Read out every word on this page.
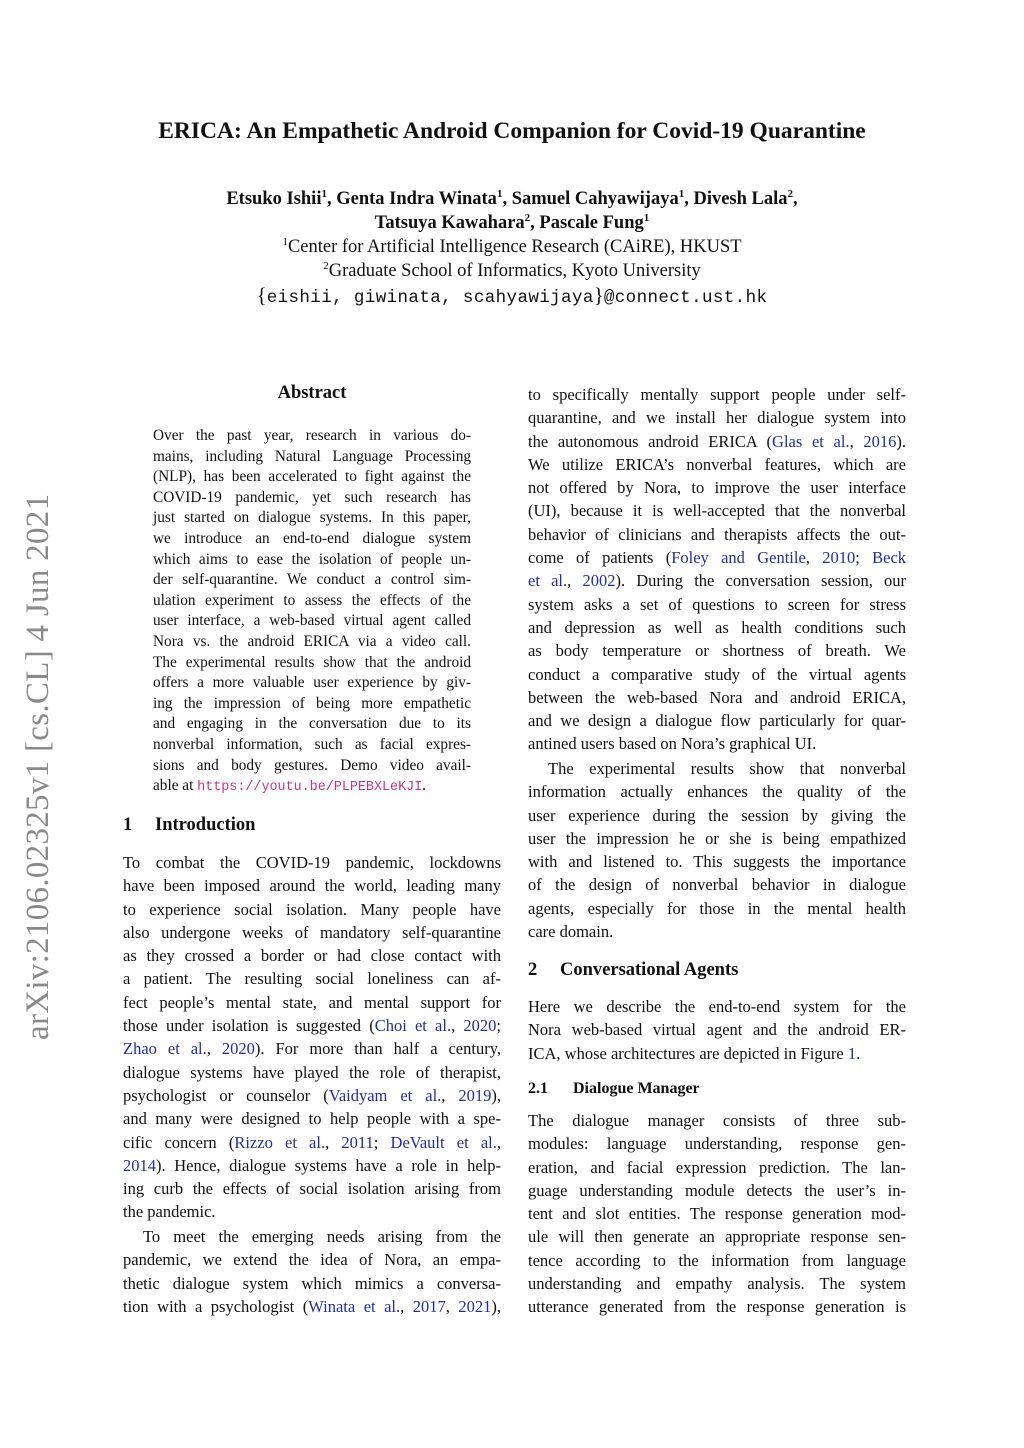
arXiv:2106.02325v1 [cs.CL] 4 Jun 2021
ERICA: An Empathetic Android Companion for Covid-19 Quarantine
Etsuko Ishii$^1$, Genta Indra Winata$^1$, Samuel Cahyawijaya$^1$, Divesh Lala$^2$,
Tatsuya Kawahara$^2$, Pascale Fung$^1$
$^1$Center for Artificial Intelligence Research (CAiRE), HKUST
$^2$Graduate School of Informatics, Kyoto University
{eishii, giwinata, scahyawijaya}@connect.ust.hk
Abstract
Over the past year, research in various do-
mains, including Natural Language Processing
(NLP), has been accelerated to fight against the
COVID-19 pandemic, yet such research has
just started on dialogue systems. In this paper,
we introduce an end-to-end dialogue system
which aims to ease the isolation of people un-
der self-quarantine. We conduct a control sim-
ulation experiment to assess the effects of the
user interface, a web-based virtual agent called
Nora vs. the android ERICA via a video call.
The experimental results show that the android
offers a more valuable user experience by giv-
ing the impression of being more empathetic
and engaging in the conversation due to its
nonverbal information, such as facial expres-
sions and body gestures. Demo video avail-
able at https://youtu.be/PLPEBXLeKJI.
1 Introduction
To combat the COVID-19 pandemic, lockdowns
have been imposed around the world, leading many
to experience social isolation. Many people have
also undergone weeks of mandatory self-quarantine
as they crossed a border or had close contact with
a patient. The resulting social loneliness can af-
fect people’s mental state, and mental support for
those under isolation is suggested (Choi et al., 2020;
Zhao et al., 2020). For more than half a century,
dialogue systems have played the role of therapist,
psychologist or counselor (Vaidyam et al., 2019),
and many were designed to help people with a spe-
cific concern (Rizzo et al., 2011; DeVault et al.,
2014). Hence, dialogue systems have a role in help-
ing curb the effects of social isolation arising from
the pandemic.
To meet the emerging needs arising from the
pandemic, we extend the idea of Nora, an empa-
thetic dialogue system which mimics a conversa-
tion with a psychologist (Winata et al., 2017, 2021),
to specifically mentally support people under self-
quarantine, and we install her dialogue system into
the autonomous android ERICA (Glas et al., 2016).
We utilize ERICA’s nonverbal features, which are
not offered by Nora, to improve the user interface
(UI), because it is well-accepted that the nonverbal
behavior of clinicians and therapists affects the out-
come of patients (Foley and Gentile, 2010; Beck
et al., 2002). During the conversation session, our
system asks a set of questions to screen for stress
and depression as well as health conditions such
as body temperature or shortness of breath. We
conduct a comparative study of the virtual agents
between the web-based Nora and android ERICA,
and we design a dialogue flow particularly for quar-
antined users based on Nora’s graphical UI.
The experimental results show that nonverbal
information actually enhances the quality of the
user experience during the session by giving the
user the impression he or she is being empathized
with and listened to. This suggests the importance
of the design of nonverbal behavior in dialogue
agents, especially for those in the mental health
care domain.
2 Conversational Agents
Here we describe the end-to-end system for the
Nora web-based virtual agent and the android ER-
ICA, whose architectures are depicted in Figure 1.
2.1 Dialogue Manager
The dialogue manager consists of three sub-
modules: language understanding, response gen-
eration, and facial expression prediction. The lan-
guage understanding module detects the user’s in-
tent and slot entities. The response generation mod-
ule will then generate an appropriate response sen-
tence according to the information from language
understanding and empathy analysis. The system
utterance generated from the response generation is
